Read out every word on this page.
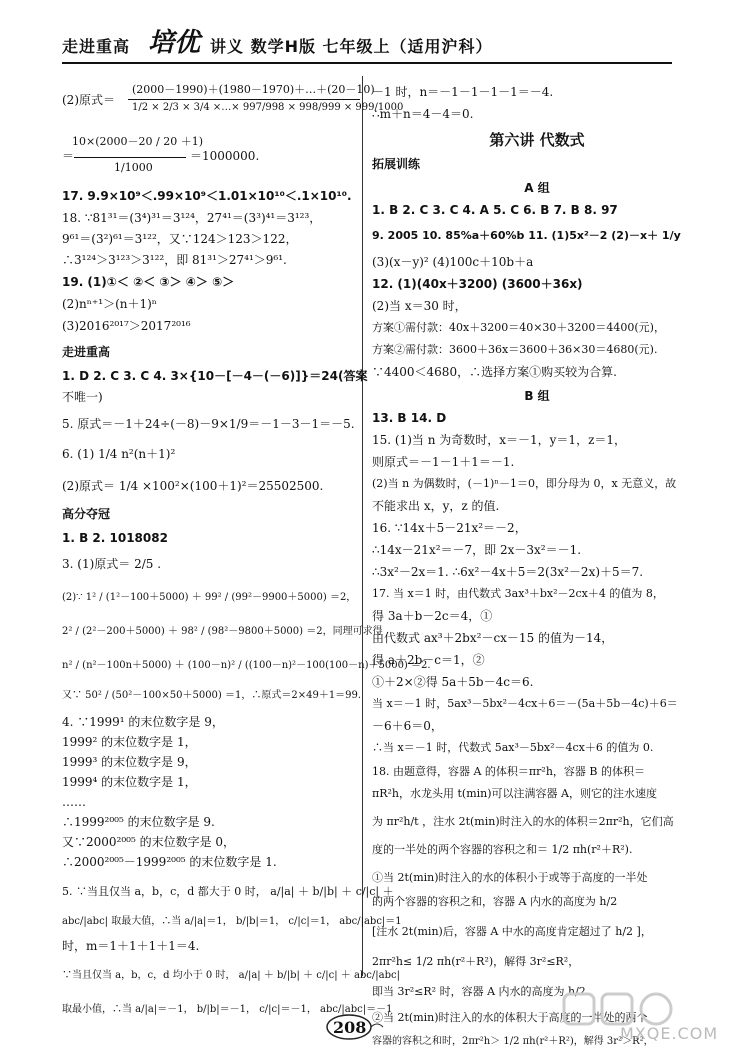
走进重高 培优 讲义 数学H版 七年级上（适用沪科）
(2)原式＝
(2000－1990)＋(1980－1970)＋…＋(20－10)
1/2 × 2/3 × 3/4 ×…× 997/998 × 998/999 × 999/1000
10×(2000－20 / 20 ＋1)
＝
1/1000
＝1000000.
17. 9.9×10⁹＜.99×10⁹＜1.01×10¹⁰＜.1×10¹⁰.
18. ∵81³¹＝(3⁴)³¹＝3¹²⁴，27⁴¹＝(3³)⁴¹＝3¹²³，
9⁶¹＝(3²)⁶¹＝3¹²²，又∵124＞123＞122，
∴3¹²⁴＞3¹²³＞3¹²²，即 81³¹＞27⁴¹＞9⁶¹.
19. (1)①＜ ②＜ ③＞ ④＞ ⑤＞
(2)nⁿ⁺¹＞(n＋1)ⁿ
(3)2016²⁰¹⁷＞2017²⁰¹⁶
走进重高
1. D 2. C 3. C 4. 3×{10－[－4－(－6)]}＝24(答案
不唯一)
5. 原式＝－1＋24÷(－8)－9×1/9＝－1－3－1＝－5.
6. (1) 1/4 n²(n＋1)²
(2)原式＝ 1/4 ×100²×(100＋1)²＝25502500.
高分夺冠
1. B 2. 1018082
3. (1)原式＝ 2/5 .
(2)∵ 1² / (1²－100＋5000) ＋ 99² / (99²－9900＋5000) ＝2，
2² / (2²－200＋5000) ＋ 98² / (98²－9800＋5000) ＝2，同理可求得
n² / (n²－100n＋5000) ＋ (100－n)² / ((100－n)²－100(100－n)＋5000) ＝2.
又∵ 50² / (50²－100×50＋5000) ＝1，∴原式＝2×49＋1＝99.
4. ∵1999¹ 的末位数字是 9，
1999² 的末位数字是 1，
1999³ 的末位数字是 9，
1999⁴ 的末位数字是 1，
……
∴1999²⁰⁰⁵ 的末位数字是 9.
又∵2000²⁰⁰⁵ 的末位数字是 0，
∴2000²⁰⁰⁵－1999²⁰⁰⁵ 的末位数字是 1.
5. ∵当且仅当 a，b，c，d 都大于 0 时， a/|a| ＋ b/|b| ＋ c/|c| ＋
abc/|abc| 取最大值，∴当 a/|a|＝1， b/|b|＝1， c/|c|＝1， abc/|abc|＝1
时，m＝1＋1＋1＋1＝4.
∵当且仅当 a，b，c，d 均小于 0 时， a/|a| ＋ b/|b| ＋ c/|c| ＋ abc/|abc|
取最小值，∴当 a/|a|＝－1， b/|b|＝－1， c/|c|＝－1， abc/|abc|＝－1
－1 时，n＝－1－1－1－1＝－4.
∴m＋n＝4－4＝0.
第六讲 代数式
拓展训练
A 组
1. B 2. C 3. C 4. A 5. C 6. B 7. B 8. 97
9. 2005 10. 85%a＋60%b 11. (1)5x²－2 (2)－x＋ 1/y
(3)(x－y)² (4)100c＋10b＋a
12. (1)(40x＋3200) (3600＋36x)
(2)当 x＝30 时，
方案①需付款：40x＋3200＝40×30＋3200＝4400(元)，
方案②需付款：3600＋36x＝3600＋36×30＝4680(元).
∵4400＜4680，∴选择方案①购买较为合算.
B 组
13. B 14. D
15. (1)当 n 为奇数时，x＝－1，y＝1，z＝1，
则原式＝－1－1＋1＝－1.
(2)当 n 为偶数时，(－1)ⁿ－1＝0，即分母为 0，x 无意义，故
不能求出 x，y，z 的值.
16. ∵14x＋5－21x²＝－2，
∴14x－21x²＝－7，即 2x－3x²＝－1.
∴3x²－2x＝1. ∴6x²－4x＋5＝2(3x²－2x)＋5＝7.
17. 当 x＝1 时，由代数式 3ax³＋bx²－2cx＋4 的值为 8，
得 3a＋b－2c＝4，①
由代数式 ax³＋2bx²－cx－15 的值为－14，
得 a＋2b－c＝1，②
①＋2×②得 5a＋5b－4c＝6.
当 x＝－1 时，5ax³－5bx²－4cx＋6＝－(5a＋5b－4c)＋6＝
－6＋6＝0，
∴当 x＝－1 时，代数式 5ax³－5bx²－4cx＋6 的值为 0.
18. 由题意得，容器 A 的体积＝πr²h，容器 B 的体积＝
πR²h，水龙头用 t(min)可以注满容器 A，则它的注水速度
为 πr²h/t ，注水 2t(min)时注入的水的体积＝2πr²h，它们高
度的一半处的两个容器的容积之和＝ 1/2 πh(r²＋R²).
①当 2t(min)时注入的水的体积小于或等于高度的一半处
的两个容器的容积之和，容器 A 内水的高度为 h/2
[注水 2t(min)后，容器 A 中水的高度肯定超过了 h/2 ]，
2πr²h≤ 1/2 πh(r²＋R²)，解得 3r²≤R²，
即当 3r²≤R² 时，容器 A 内水的高度为 h/2 .
②当 2t(min)时注入的水的体积大于高度的一半处的两个
容器的容积之和时，2πr²h＞ 1/2 πh(r²＋R²)，解得 3r²＞R²，
208	MXQE.COM
